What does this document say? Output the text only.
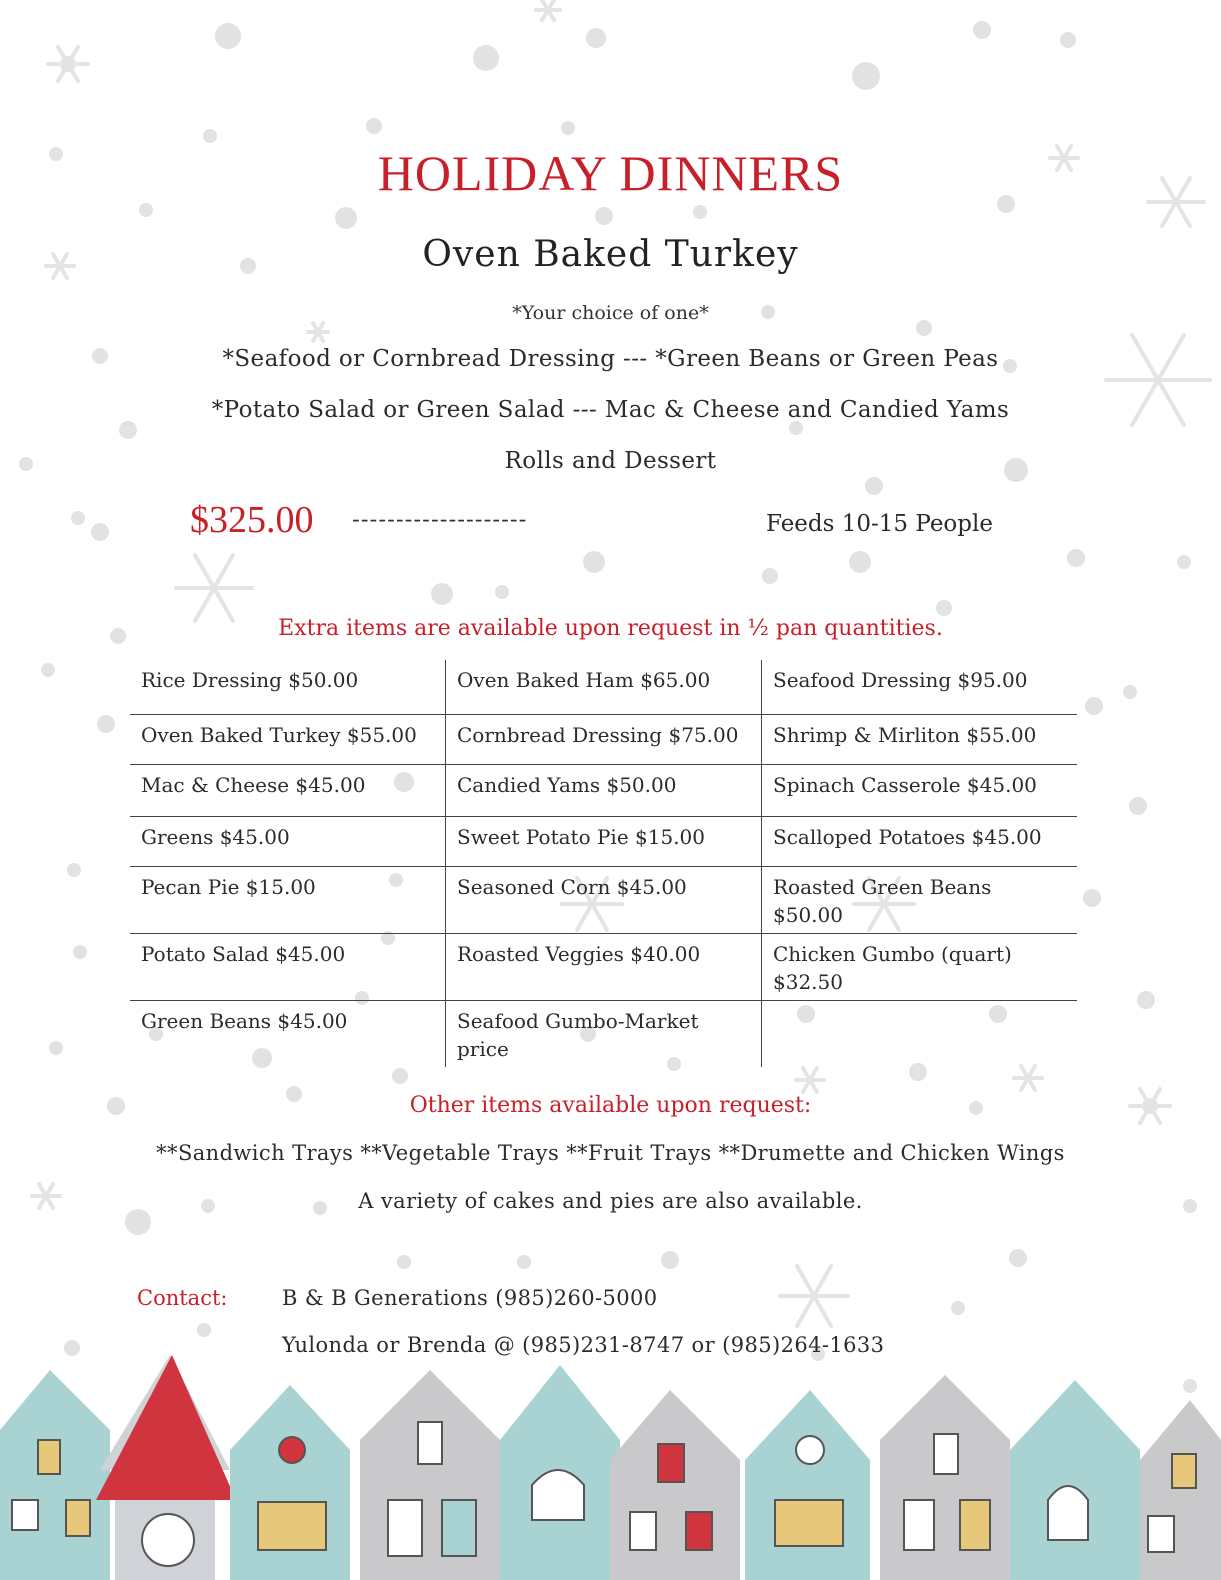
HOLIDAY DINNERS
Oven Baked Turkey
*Your choice of one*
*Seafood or Cornbread Dressing --- *Green Beans or Green Peas
*Potato Salad or Green Salad --- Mac & Cheese and Candied Yams
Rolls and Dessert
$325.00 --------------------	Feeds 10-15 People
Extra items are available upon request in ½ pan quantities.
Rice Dressing $50.00	Oven Baked Ham $65.00	Seafood Dressing $95.00
Oven Baked Turkey $55.00	Cornbread Dressing $75.00	Shrimp & Mirliton $55.00
Mac & Cheese $45.00	Candied Yams $50.00	Spinach Casserole $45.00
Greens $45.00	Sweet Potato Pie $15.00	Scalloped Potatoes $45.00
Pecan Pie $15.00	Seasoned Corn $45.00	Roasted Green Beans $50.00
Potato Salad $45.00	Roasted Veggies $40.00	Chicken Gumbo (quart) $32.50
Green Beans $45.00	Seafood Gumbo-Market price	
Other items available upon request:
**Sandwich Trays **Vegetable Trays **Fruit Trays **Drumette and Chicken Wings
A variety of cakes and pies are also available.
Contact:	B & B Generations (985)260-5000
Yulonda or Brenda @ (985)231-8747 or (985)264-1633
